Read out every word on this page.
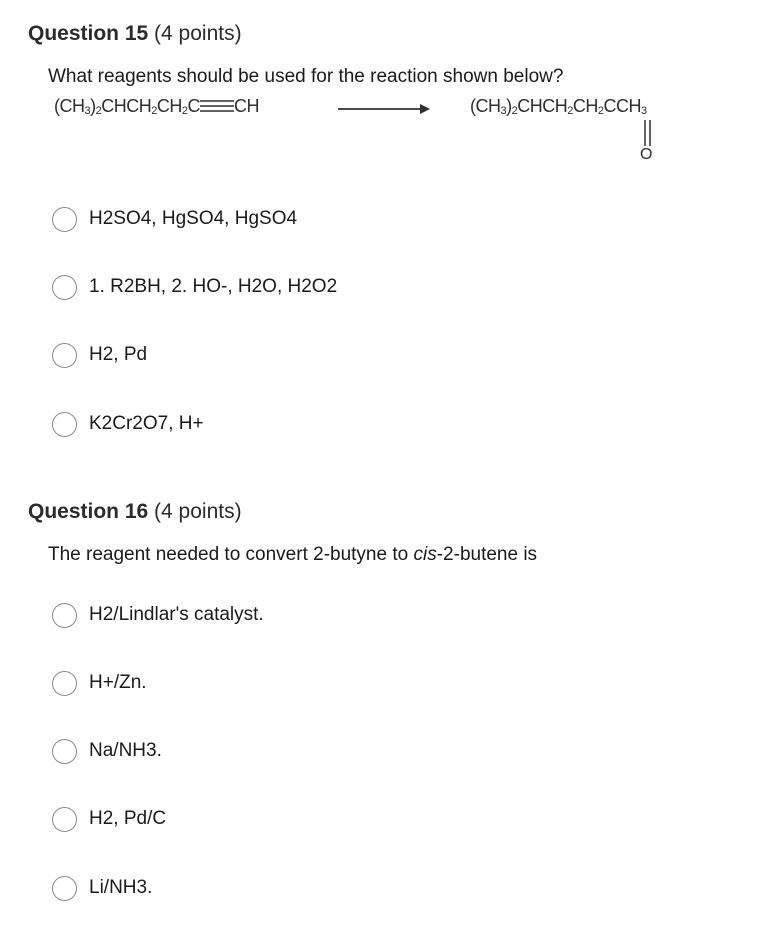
Question 15 (4 points)
What reagents should be used for the reaction shown below?
$(CH_3)_2CHCH_2CH_2C$ CH	$(CH_3)_2CHCH_2CH_2CCH_3$
O
H2SO4, HgSO4, HgSO4
1. R2BH, 2. HO-, H2O, H2O2
H2, Pd
K2Cr2O7, H+
Question 16 (4 points)
The reagent needed to convert 2-butyne to cis-2-butene is
H2/Lindlar's catalyst.
H+/Zn.
Na/NH3.
H2, Pd/C
Li/NH3.
